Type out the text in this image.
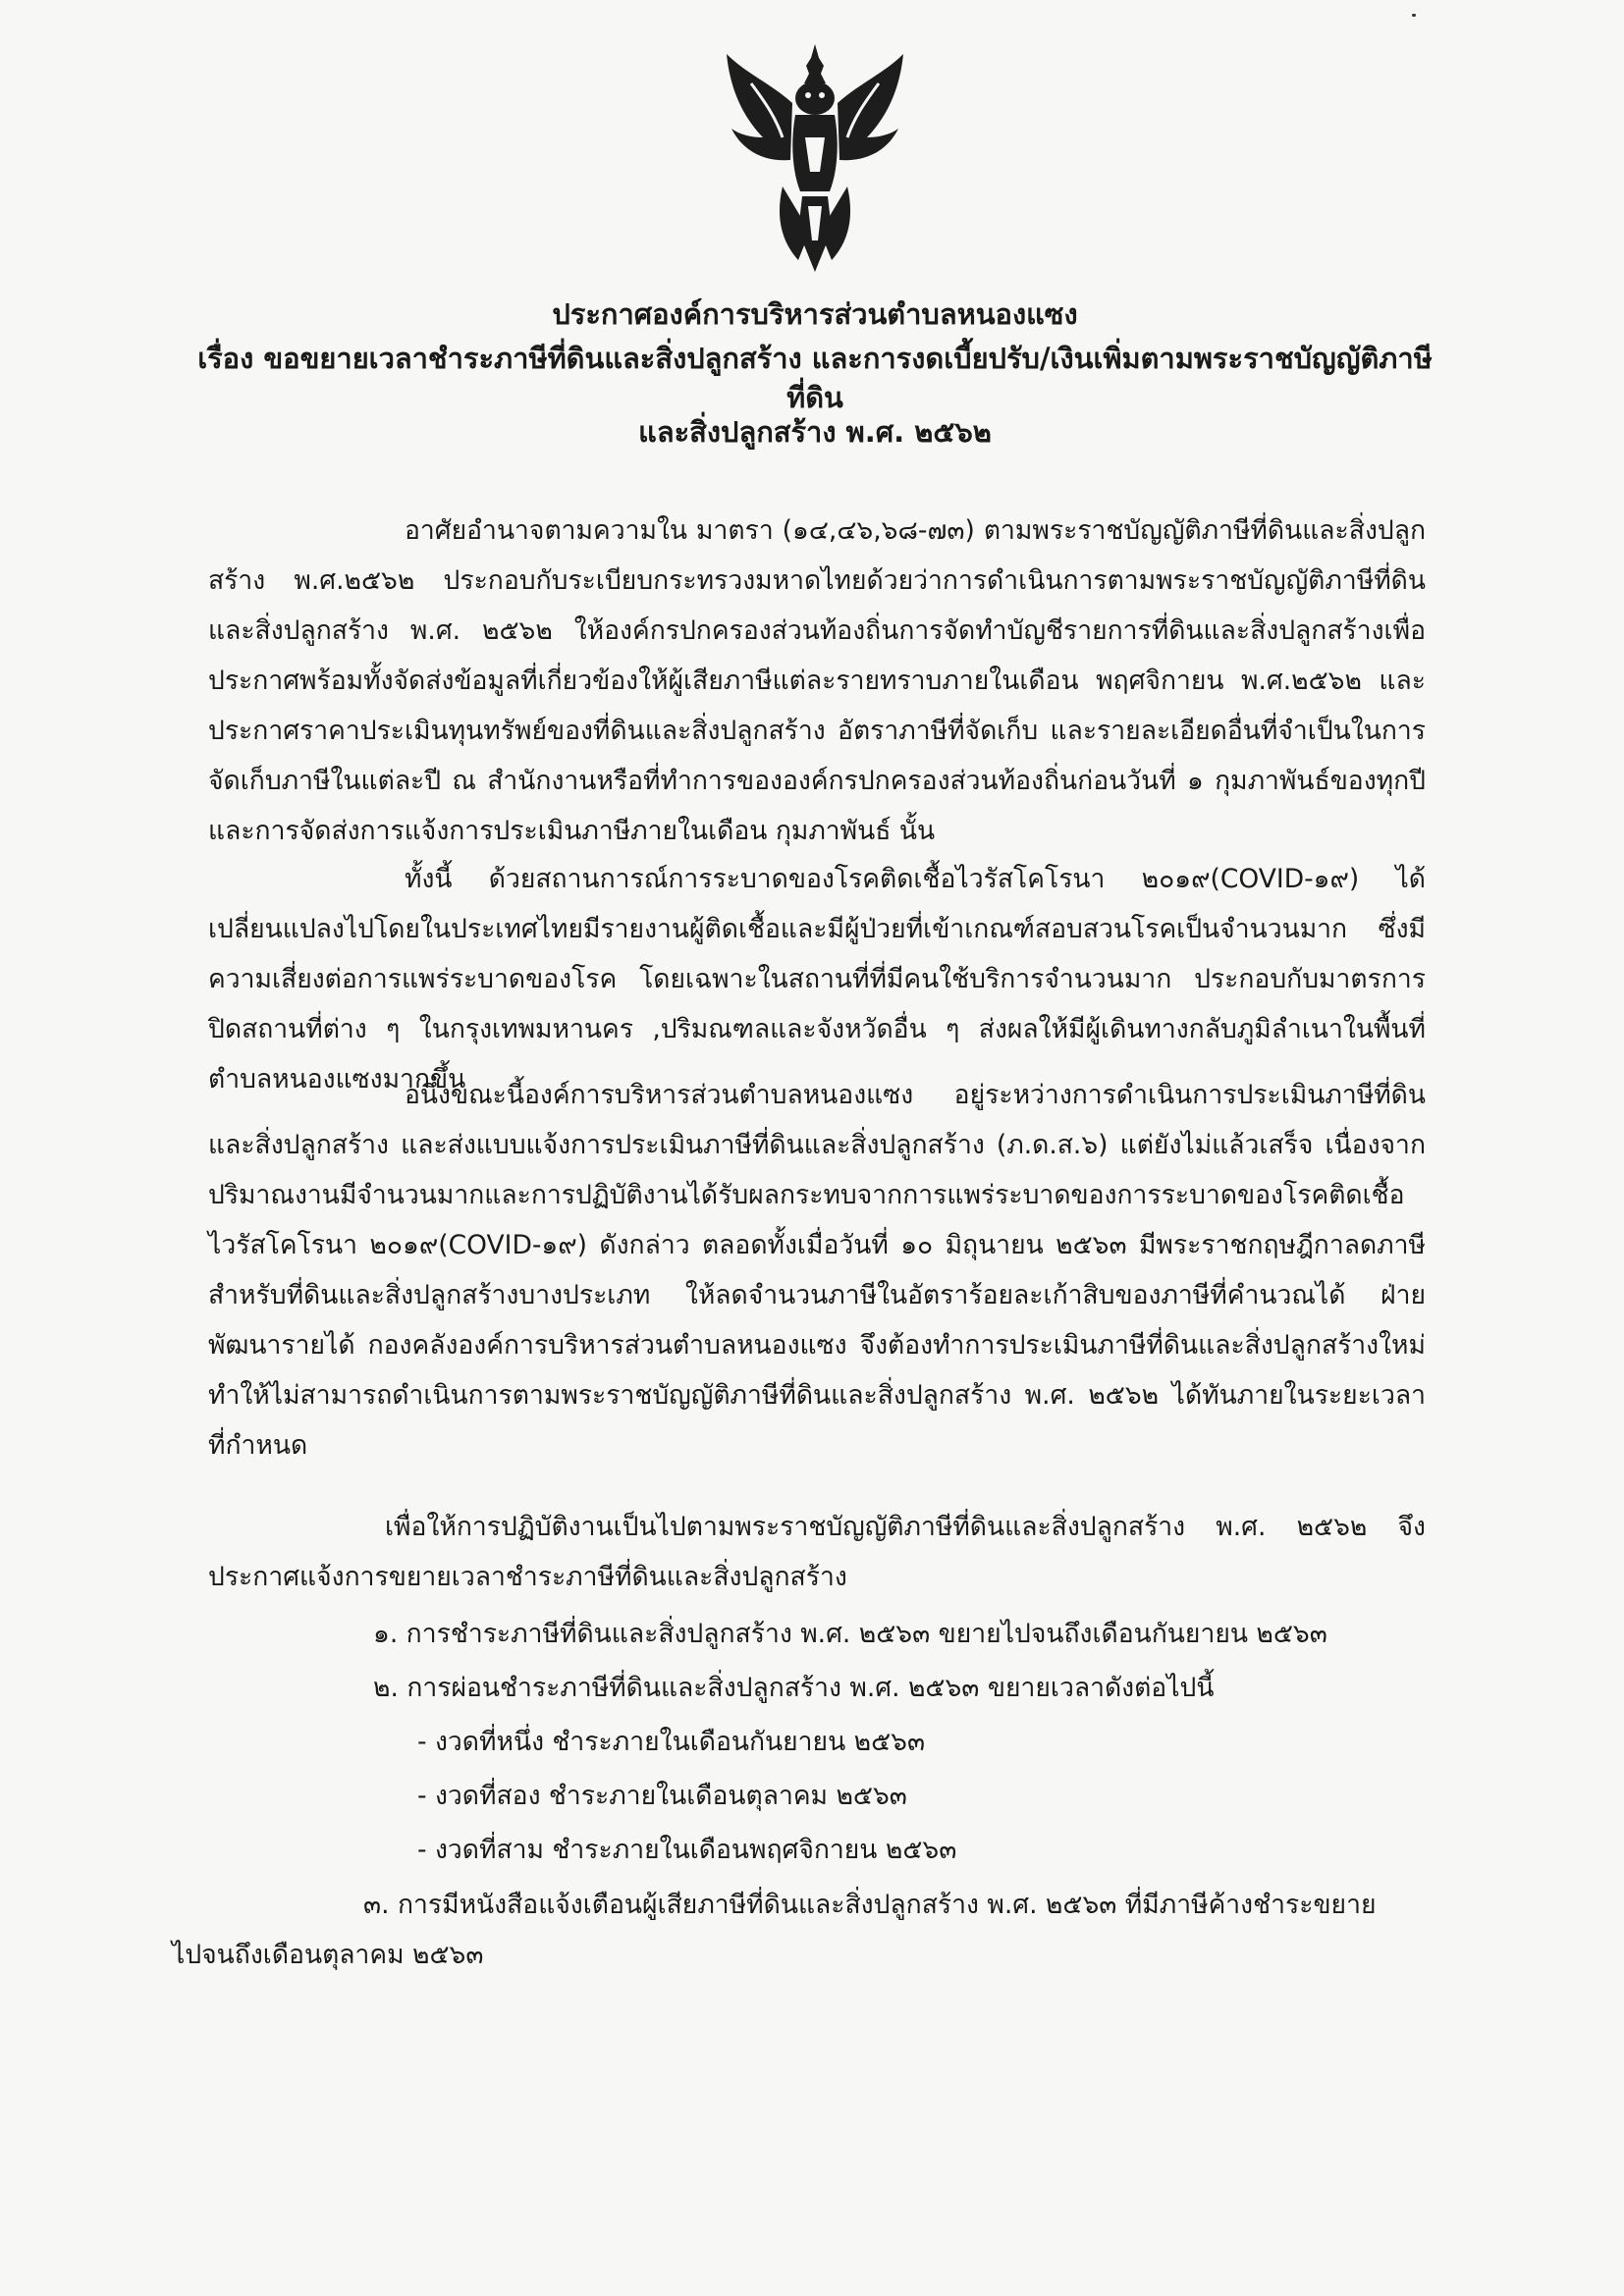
ประกาศองค์การบริหารส่วนตำบลหนองแซง
เรื่อง ขอขยายเวลาชำระภาษีที่ดินและสิ่งปลูกสร้าง และการงดเบี้ยปรับ/เงินเพิ่มตามพระราชบัญญัติภาษีที่ดิน
และสิ่งปลูกสร้าง พ.ศ. ๒๕๖๒

อาศัยอำนาจตามความใน มาตรา (๑๔,๔๖,๖๘-๗๓) ตามพระราชบัญญัติภาษีที่ดินและสิ่งปลูกสร้าง พ.ศ.๒๕๖๒ ประกอบกับระเบียบกระทรวงมหาดไทยด้วยว่าการดำเนินการตามพระราชบัญญัติภาษีที่ดินและสิ่งปลูกสร้าง พ.ศ. ๒๕๖๒ ให้องค์กรปกครองส่วนท้องถิ่นการจัดทำบัญชีรายการที่ดินและสิ่งปลูกสร้างเพื่อประกาศพร้อมทั้งจัดส่งข้อมูลที่เกี่ยวข้องให้ผู้เสียภาษีแต่ละรายทราบภายในเดือน พฤศจิกายน พ.ศ.๒๕๖๒ และประกาศราคาประเมินทุนทรัพย์ของที่ดินและสิ่งปลูกสร้าง อัตราภาษีที่จัดเก็บ และรายละเอียดอื่นที่จำเป็นในการจัดเก็บภาษีในแต่ละปี ณ สำนักงานหรือที่ทำการขององค์กรปกครองส่วนท้องถิ่นก่อนวันที่ ๑ กุมภาพันธ์ของทุกปี และการจัดส่งการแจ้งการประเมินภาษีภายในเดือน กุมภาพันธ์ นั้น

ทั้งนี้ ด้วยสถานการณ์การระบาดของโรคติดเชื้อไวรัสโคโรนา ๒๐๑๙(COVID-๑๙) ได้เปลี่ยนแปลงไปโดยในประเทศไทยมีรายงานผู้ติดเชื้อและมีผู้ป่วยที่เข้าเกณฑ์สอบสวนโรคเป็นจำนวนมาก ซึ่งมีความเสี่ยงต่อการแพร่ระบาดของโรค โดยเฉพาะในสถานที่ที่มีคนใช้บริการจำนวนมาก ประกอบกับมาตรการปิดสถานที่ต่าง ๆ ในกรุงเทพมหานคร ,ปริมณฑลและจังหวัดอื่น ๆ ส่งผลให้มีผู้เดินทางกลับภูมิลำเนาในพื้นที่ตำบลหนองแซงมากขึ้น

อนึ่งขณะนี้องค์การบริหารส่วนตำบลหนองแซง อยู่ระหว่างการดำเนินการประเมินภาษีที่ดินและสิ่งปลูกสร้าง และส่งแบบแจ้งการประเมินภาษีที่ดินและสิ่งปลูกสร้าง (ภ.ด.ส.๖) แต่ยังไม่แล้วเสร็จ เนื่องจากปริมาณงานมีจำนวนมากและการปฏิบัติงานได้รับผลกระทบจากการแพร่ระบาดของการระบาดของโรคติดเชื้อไวรัสโคโรนา ๒๐๑๙(COVID-๑๙) ดังกล่าว ตลอดทั้งเมื่อวันที่ ๑๐ มิถุนายน ๒๕๖๓ มีพระราชกฤษฎีกาลดภาษีสำหรับที่ดินและสิ่งปลูกสร้างบางประเภท ให้ลดจำนวนภาษีในอัตราร้อยละเก้าสิบของภาษีที่คำนวณได้ ฝ่ายพัฒนารายได้ กองคลังองค์การบริหารส่วนตำบลหนองแซง จึงต้องทำการประเมินภาษีที่ดินและสิ่งปลูกสร้างใหม่ทำให้ไม่สามารถดำเนินการตามพระราชบัญญัติภาษีที่ดินและสิ่งปลูกสร้าง พ.ศ. ๒๕๖๒ ได้ทันภายในระยะเวลาที่กำหนด

เพื่อให้การปฏิบัติงานเป็นไปตามพระราชบัญญัติภาษีที่ดินและสิ่งปลูกสร้าง พ.ศ. ๒๕๖๒ จึงประกาศแจ้งการขยายเวลาชำระภาษีที่ดินและสิ่งปลูกสร้าง

๑. การชำระภาษีที่ดินและสิ่งปลูกสร้าง พ.ศ. ๒๕๖๓ ขยายไปจนถึงเดือนกันยายน ๒๕๖๓
๒. การผ่อนชำระภาษีที่ดินและสิ่งปลูกสร้าง พ.ศ. ๒๕๖๓ ขยายเวลาดังต่อไปนี้
- งวดที่หนึ่ง ชำระภายในเดือนกันยายน ๒๕๖๓
- งวดที่สอง ชำระภายในเดือนตุลาคม ๒๕๖๓
- งวดที่สาม ชำระภายในเดือนพฤศจิกายน ๒๕๖๓

๓. การมีหนังสือแจ้งเตือนผู้เสียภาษีที่ดินและสิ่งปลูกสร้าง พ.ศ. ๒๕๖๓ ที่มีภาษีค้างชำระขยายไปจนถึงเดือนตุลาคม ๒๕๖๓
